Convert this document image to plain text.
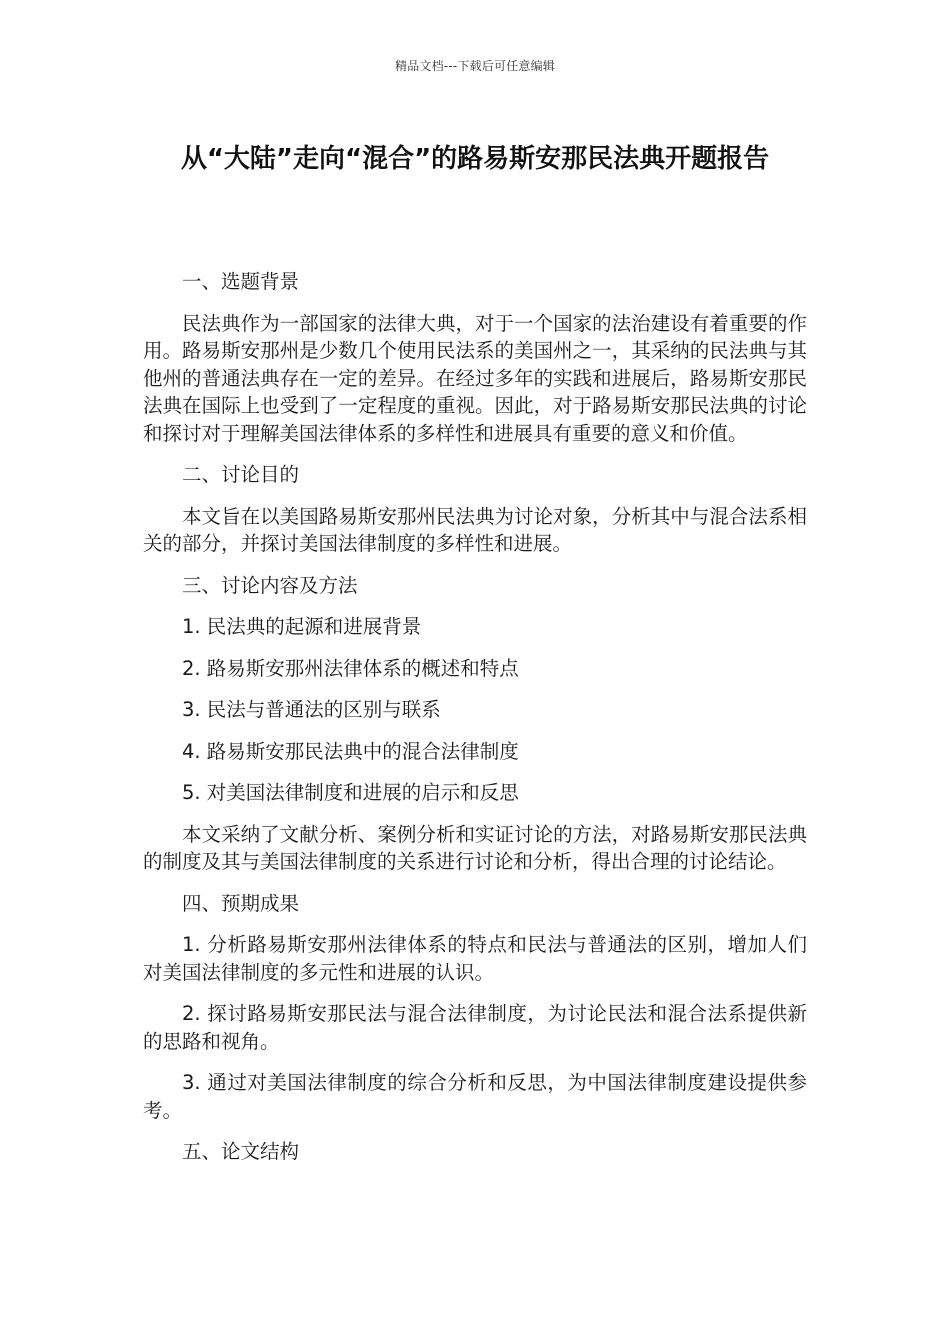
精品文档---下载后可任意编辑
从“大陆”走向“混合”的路易斯安那民法典开题报告

一、选题背景

民法典作为一部国家的法律大典，对于一个国家的法治建设有着重要的作用。路易斯安那州是少数几个使用民法系的美国州之一，其采纳的民法典与其他州的普通法典存在一定的差异。在经过多年的实践和进展后，路易斯安那民法典在国际上也受到了一定程度的重视。因此，对于路易斯安那民法典的讨论和探讨对于理解美国法律体系的多样性和进展具有重要的意义和价值。

二、讨论目的

本文旨在以美国路易斯安那州民法典为讨论对象，分析其中与混合法系相关的部分，并探讨美国法律制度的多样性和进展。

三、讨论内容及方法

1. 民法典的起源和进展背景

2. 路易斯安那州法律体系的概述和特点

3. 民法与普通法的区别与联系

4. 路易斯安那民法典中的混合法律制度

5. 对美国法律制度和进展的启示和反思

本文采纳了文献分析、案例分析和实证讨论的方法，对路易斯安那民法典的制度及其与美国法律制度的关系进行讨论和分析，得出合理的讨论结论。

四、预期成果

1. 分析路易斯安那州法律体系的特点和民法与普通法的区别，增加人们对美国法律制度的多元性和进展的认识。

2. 探讨路易斯安那民法与混合法律制度，为讨论民法和混合法系提供新的思路和视角。

3. 通过对美国法律制度的综合分析和反思，为中国法律制度建设提供参考。

五、论文结构
